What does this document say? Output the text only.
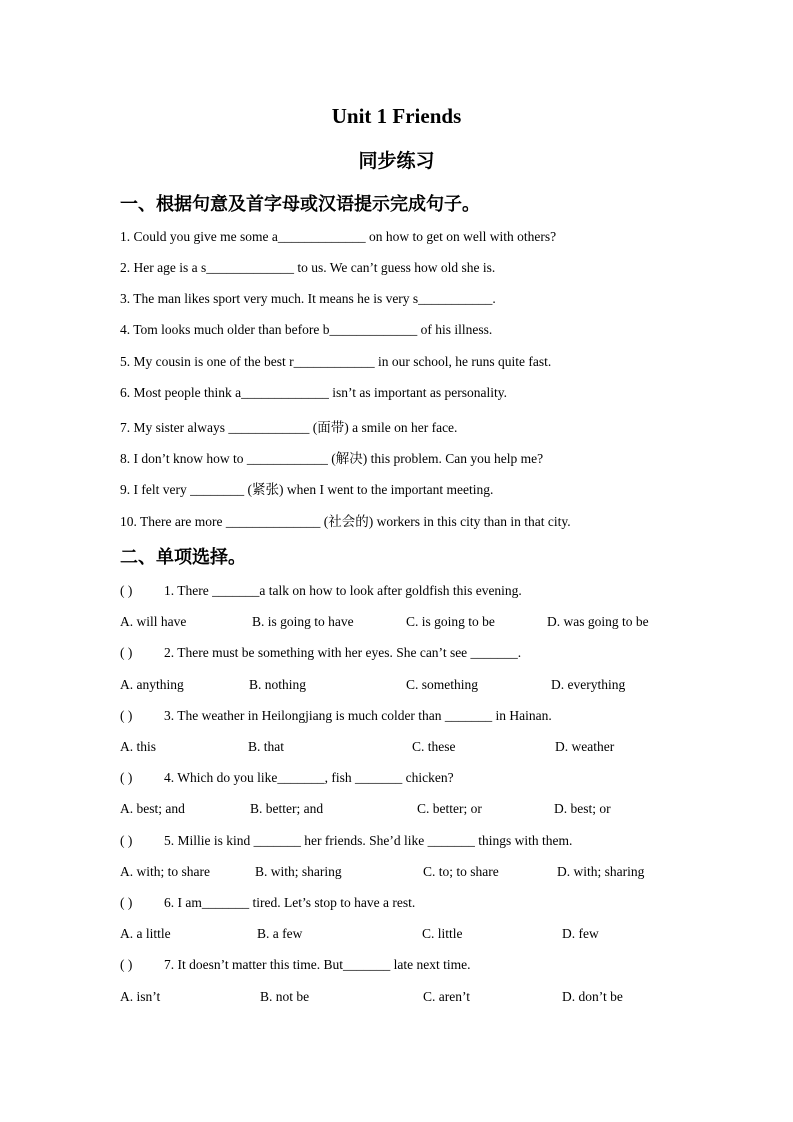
Unit 1 Friends
同步练习
一、根据句意及首字母或汉语提示完成句子。
1. Could you give me some a_____________ on how to get on well with others?
2. Her age is a s_____________ to us. We can’t guess how old she is.
3. The man likes sport very much. It means he is very s___________.
4. Tom looks much older than before b_____________ of his illness.
5. My cousin is one of the best r____________ in our school, he runs quite fast.
6. Most people think a_____________ isn’t as important as personality.
7. My sister always ____________ (面带) a smile on her face.
8. I don’t know how to ____________ (解决) this problem. Can you help me?
9. I felt very ________ (紧张) when I went to the important meeting.
10. There are more ______________ (社会的) workers in this city than in that city.
二、单项选择。
( ) 1. There _______a talk on how to look after goldfish this evening.
A. will have	B. is going to have	C. is going to be	D. was going to be
( ) 2. There must be something with her eyes. She can’t see _______.
A. anything	B. nothing	C. something	D. everything
( ) 3. The weather in Heilongjiang is much colder than _______ in Hainan.
A. this	B. that	C. these	D. weather
( ) 4. Which do you like_______, fish _______ chicken?
A. best; and	B. better; and	C. better; or	D. best; or
( ) 5. Millie is kind _______ her friends. She’d like _______ things with them.
A. with; to share	B. with; sharing	C. to; to share	D. with; sharing
( ) 6. I am_______ tired. Let’s stop to have a rest.
A. a little	B. a few	C. little	D. few
( ) 7. It doesn’t matter this time. But_______ late next time.
A. isn’t	B. not be	C. aren’t	D. don’t be
